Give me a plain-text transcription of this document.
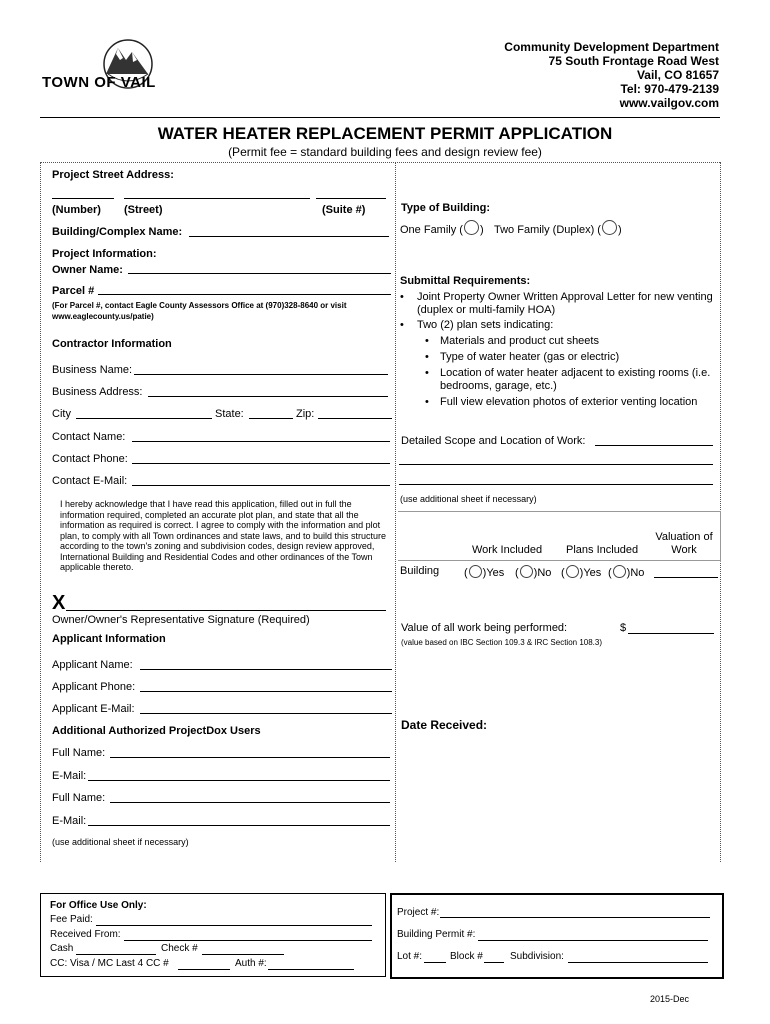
TOWN OF VAIL
Community Development Department
75 South Frontage Road West
Vail, CO 81657
Tel: 970-479-2139
www.vailgov.com
WATER HEATER REPLACEMENT PERMIT APPLICATION
(Permit fee = standard building fees and design review fee)
Project Street Address:
(Number) (Street)	(Suite #)
Building/Complex Name:
Project Information:
Owner Name:
Parcel #
(For Parcel #, contact Eagle County Assessors Office at (970)328-8640 or visit www.eaglecounty.us/patie)
Contractor Information
Business Name:
Business Address:
City	State:	Zip:
Contact Name:
Contact Phone:
Contact E-Mail:
I hereby acknowledge that I have read this application, filled out in full the information required, completed an accurate plot plan, and state that all the information as required is correct. I agree to comply with the information and plot plan, to comply with all Town ordinances and state laws, and to build this structure according to the town's zoning and subdivision codes, design review approved, International Building and Residential Codes and other ordinances of the Town applicable thereto.
X
Owner/Owner's Representative Signature (Required)
Applicant Information
Applicant Name:
Applicant Phone:
Applicant E-Mail:
Additional Authorized ProjectDox Users
Full Name:
E-Mail:
Full Name:
E-Mail:
(use additional sheet if necessary)
Type of Building:
One Family ( ) Two Family (Duplex) ( )
Submittal Requirements:
• Joint Property Owner Written Approval Letter for new venting (duplex or multi-family HOA)
• Two (2) plan sets indicating:
• Materials and product cut sheets
• Type of water heater (gas or electric)
• Location of water heater adjacent to existing rooms (i.e. bedrooms, garage, etc.)
• Full view elevation photos of exterior venting location
Detailed Scope and Location of Work:
(use additional sheet if necessary)
Work Included Plans Included
Valuation of Work
Building ( )Yes ( )No ( )Yes ( )No
Value of all work being performed:	$
(value based on IBC Section 109.3 & IRC Section 108.3)
Date Received:
For Office Use Only:
Fee Paid:
Received From:
Cash	Check #
CC: Visa / MC Last 4 CC #	Auth #:
Project #:
Building Permit #:
Lot #:	Block #	Subdivision:
2015-Dec
